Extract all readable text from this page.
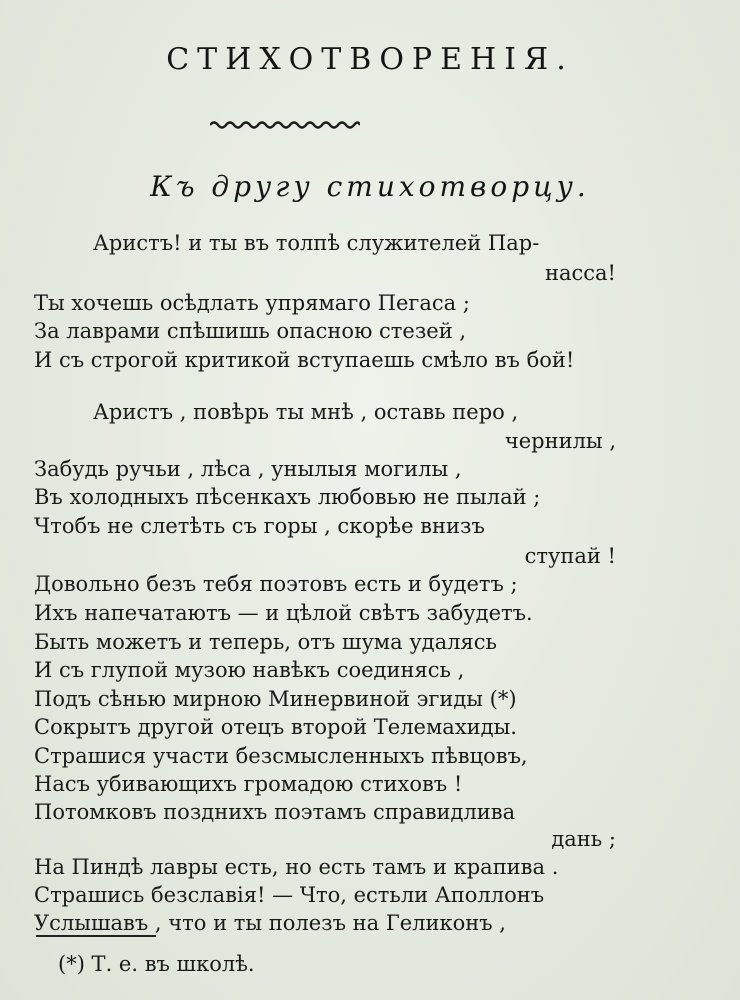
СТИХОТВОРЕНІЯ.
Къ другу стихотворцу.
Аристъ! и ты въ толпѣ служителей Пар-
насса!
Ты хочешь осѣдлать упрямаго Пегаса ;
За лаврами спѣшишь опасною стезей ,
И съ строгой критикой вступаешь смѣло въ бой!
Аристъ , повѣрь ты мнѣ , оставь перо ,
чернилы ,
Забудь ручьи , лѣса , унылыя могилы ,
Въ холодныхъ пѣсенкахъ любовью не пылай ;
Чтобъ не слетѣть съ горы , скорѣе внизъ
ступай !
Довольно безъ тебя поэтовъ есть и будетъ ;
Ихъ напечатаютъ — и цѣлой свѣтъ забудетъ.
Быть можетъ и теперь, отъ шума удалясь
И съ глупой музою навѣкъ соединясь ,
Подъ сѣнью мирною Минервиной эгиды (*)
Сокрытъ другой отецъ второй Телемахиды.
Страшися участи безсмысленныхъ пѣвцовъ,
Насъ убивающихъ громадою стиховъ !
Потомковъ позднихъ поэтамъ справидлива
дань ;
На Пиндѣ лавры есть, но есть тамъ и крапива .
Страшись безславія! — Что, естьли Аполлонъ
Услышавъ , что и ты полезъ на Геликонъ ,
(*) Т. е. въ школѣ.
